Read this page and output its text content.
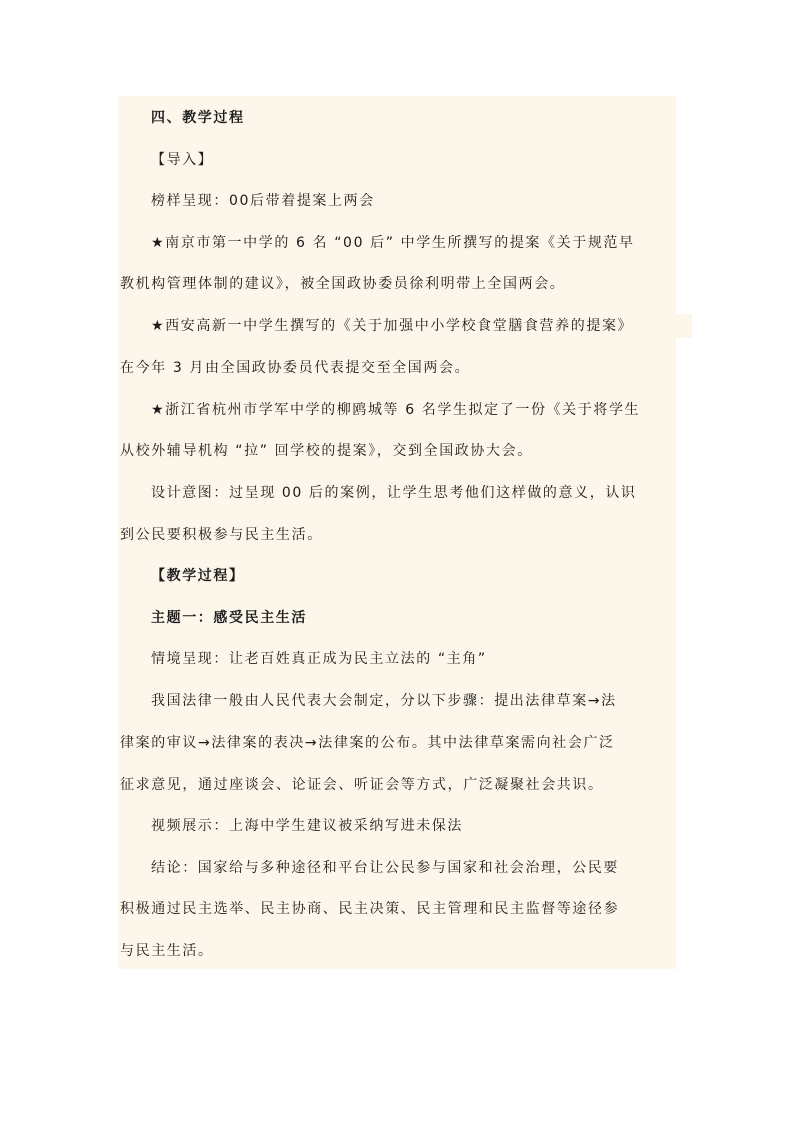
四、教学过程
【导入】
榜样呈现：00后带着提案上两会
★南京市第一中学的 6 名 “00 后” 中学生所撰写的提案《关于规范早
教机构管理体制的建议》，被全国政协委员徐利明带上全国两会。
★西安高新一中学生撰写的《关于加强中小学校食堂膳食营养的提案》
在今年 3 月由全国政协委员代表提交至全国两会。
★浙江省杭州市学军中学的柳鸥城等 6 名学生拟定了一份《关于将学生
从校外辅导机构 “拉” 回学校的提案》，交到全国政协大会。
设计意图：过呈现 00 后的案例，让学生思考他们这样做的意义，认识
到公民要积极参与民主生活。
【教学过程】
主题一：感受民主生活
情境呈现：让老百姓真正成为民主立法的 “主角”
我国法律一般由人民代表大会制定，分以下步骤：提出法律草案→法
律案的审议→法律案的表决→法律案的公布。其中法律草案需向社会广泛
征求意见，通过座谈会、论证会、听证会等方式，广泛凝聚社会共识。
视频展示：上海中学生建议被采纳写进未保法
结论：国家给与多种途径和平台让公民参与国家和社会治理，公民要
积极通过民主选举、民主协商、民主决策、民主管理和民主监督等途径参
与民主生活。
